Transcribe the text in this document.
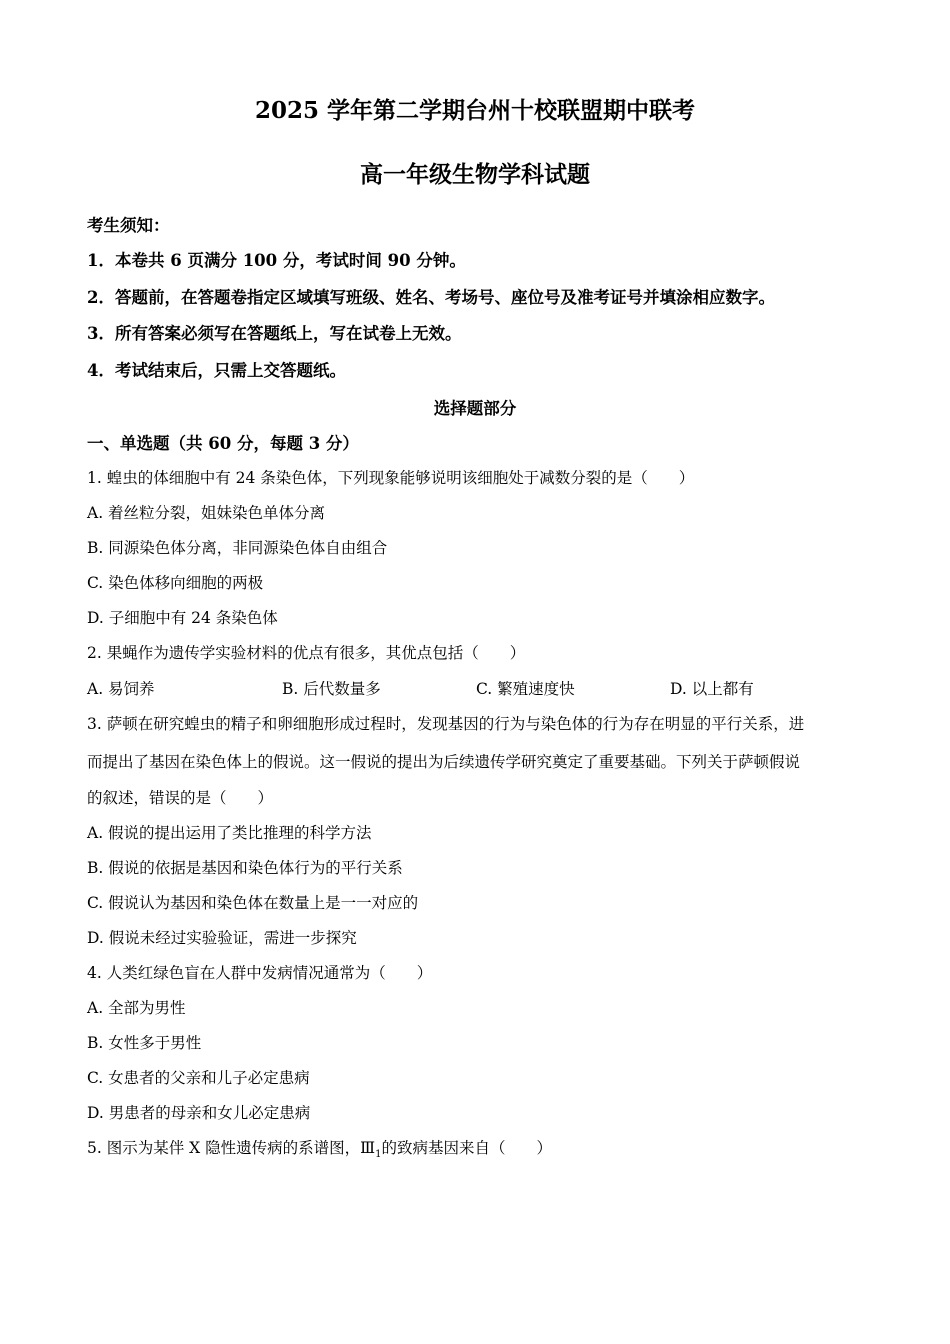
2025 学年第二学期台州十校联盟期中联考
高一年级生物学科试题
考生须知：
1．本卷共 6 页满分 100 分，考试时间 90 分钟。
2．答题前，在答题卷指定区域填写班级、姓名、考场号、座位号及准考证号并填涂相应数字。
3．所有答案必须写在答题纸上，写在试卷上无效。
4．考试结束后，只需上交答题纸。
选择题部分
一、单选题（共 60 分，每题 3 分）
1. 蝗虫的体细胞中有 24 条染色体，下列现象能够说明该细胞处于减数分裂的是（　　）
A. 着丝粒分裂，姐妹染色单体分离
B. 同源染色体分离，非同源染色体自由组合
C. 染色体移向细胞的两极
D. 子细胞中有 24 条染色体
2. 果蝇作为遗传学实验材料的优点有很多，其优点包括（　　）
A. 易饲养	B. 后代数量多	C. 繁殖速度快	D. 以上都有
3. 萨顿在研究蝗虫的精子和卵细胞形成过程时，发现基因的行为与染色体的行为存在明显的平行关系，进
而提出了基因在染色体上的假说。这一假说的提出为后续遗传学研究奠定了重要基础。下列关于萨顿假说
的叙述，错误的是（　　）
A. 假说的提出运用了类比推理的科学方法
B. 假说的依据是基因和染色体行为的平行关系
C. 假说认为基因和染色体在数量上是一一对应的
D. 假说未经过实验验证，需进一步探究
4. 人类红绿色盲在人群中发病情况通常为（　　）
A. 全部为男性
B. 女性多于男性
C. 女患者的父亲和儿子必定患病
D. 男患者的母亲和女儿必定患病
5. 图示为某伴 X 隐性遗传病的系谱图，$Ⅲ_1$的致病基因来自（　　）
